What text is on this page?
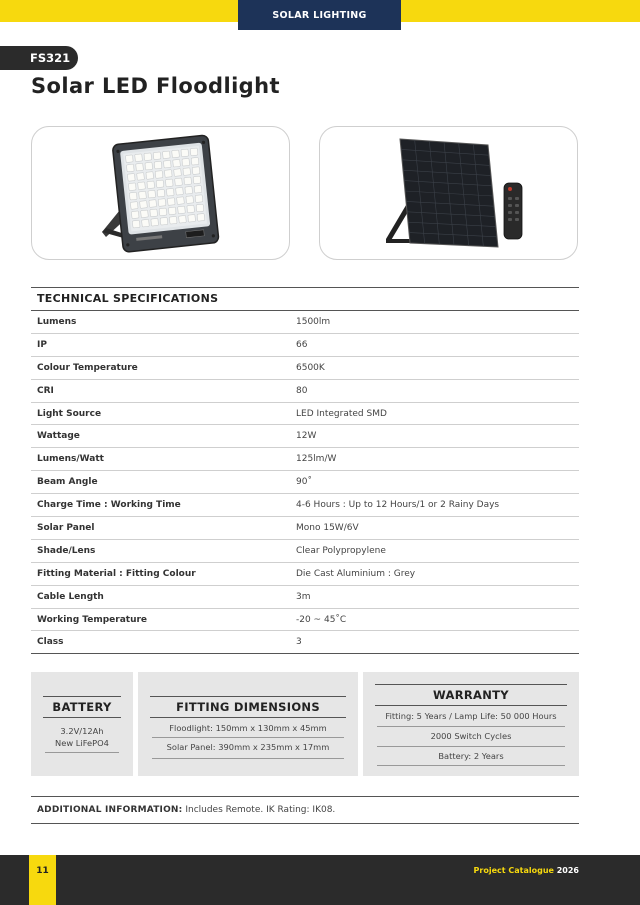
SOLAR LIGHTING
FS321
Solar LED Floodlight
TECHNICAL SPECIFICATIONS
Lumens	1500lm
IP	66
Colour Temperature	6500K
CRI	80
Light Source	LED Integrated SMD
Wattage	12W
Lumens/Watt	125lm/W
Beam Angle	90˚
Charge Time : Working Time	4-6 Hours : Up to 12 Hours/1 or 2 Rainy Days
Solar Panel	Mono 15W/6V
Shade/Lens	Clear Polypropylene
Fitting Material : Fitting Colour	Die Cast Aluminium : Grey
Cable Length	3m
Working Temperature	-20 ~ 45˚C
Class	3
BATTERY
3.2V/12Ah
New LiFePO4
FITTING DIMENSIONS
Floodlight: 150mm x 130mm x 45mm
Solar Panel: 390mm x 235mm x 17mm
WARRANTY
Fitting: 5 Years / Lamp Life: 50 000 Hours
2000 Switch Cycles
Battery: 2 Years
ADDITIONAL INFORMATION: Includes Remote. IK Rating: IK08.
11	Project Catalogue 2026
